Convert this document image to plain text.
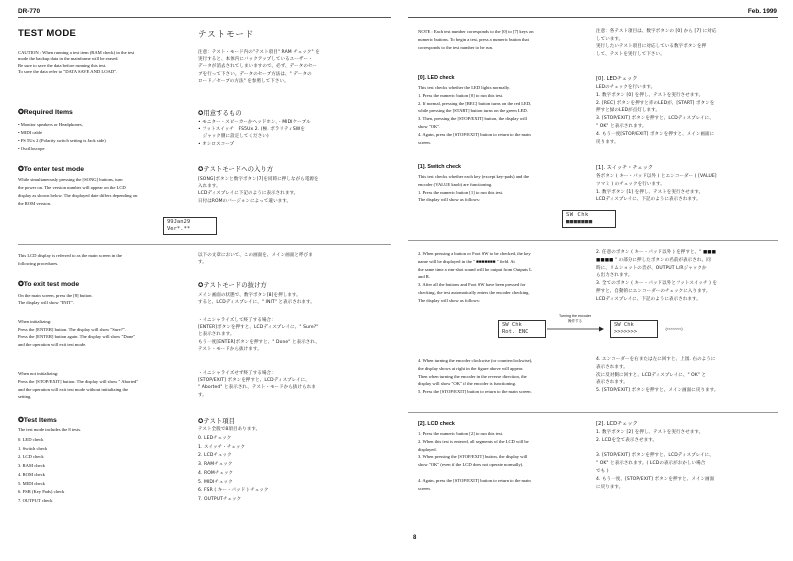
DR-770	Feb. 1999
TEST MODE	テストモード
CAUTION : When running a test item (RAM check) in the test
mode the backup data in the mainframe will be erased.
Be sure to save the data before running this test.
To save the data refer to "DATA SAVE AND LOAD".
注意：テスト・モード内の"テスト項目" RAM チェック" を
実行すると、本体内にバックアップしているユーザー・
データが消去されてしまいますので、必ず、データのセー
ブを行って下さい。データのセーブ方法は、" データの
ロード／セーブの方法" を参照して下さい。
✪Required Items	✪用意するもの
• Monitor speakers or Headphones,
• MIDI cable
• FS 5Ux 2 (Polarity switch setting is Jack side)
• Oscilloscope
• モニター・スピーカーかヘッドホン、・MIDIケーブル
• フットスイッチ　FS5Ux 2. (極. ポラリティSWを
　ジャック側に設定してください)
• オシロスコープ
✪To enter test mode	✪テストモードへの入り方
While simultaneously pressing the [SONG] buttons, turn
the power on. The version number will appear on the LCD
display as shown below. The displayed date differs depending on
the ROM version.
[SONG]ボタンと数字ボタン[7]を同時に押しながら電源を
入れます。
LCDディスプレイに下記のように表示されます。
日付はROMのバージョンによって違います。
99Jan29
Ver*.**
This LCD display is referred to as the main screen in the
following procedures.
以下の文章において、この画面を、メイン画面と呼びま
す。
✪To exit test mode	✪テストモードの抜け方
On the main screen, press the [8] button.
The display will show "INIT".
メイン画面の状態で、数字ボタン[8]を押します。
すると、LCDディスプレイに、" INIT" と表示されます。
When initializing:
Press the [ENTER] button. The display will show "Sure?".
Press the [ENTER] button again. The display will show "Done"
and the operation will exit test mode.
・イニシャライズして終了する場合：
[ENTER]ボタンを押すと、LCDディスプレイに、" Sure?"
と表示されます。
もう一度[ENTER]ボタンを押すと、" Done" と表示され、
テスト・モードから抜けます。
When not initializing:
Press the [STOP/EXIT] button. The display will show " Aborted"
and the operation will exit test mode without initializing the
setting.
・イニシャライズせず終了する場合：
[STOP/EXIT] ボタンを押すと、LCDディスプレイに、
" Aborted" と表示され、テスト・モードから抜けられま
す。
✪Test Items	✪テスト項目
The test mode includes the 8 tests.	テスト全般で8項目あります。
0. LED check
1. Switch check
2. LCD check
3. RAM check
4. ROM check
5. MIDI check
6. FSR (Key Pads) check
7. OUTPUT check
0. LEDチェック
1. スイッチ・チェック
2. LCDチェック
3. RAMチェック
4. ROMチェック
5. MIDIチェック
6. FSR ( キー・パッド ) チェック
7. OUTPUTチェック
NOTE : Each test number corresponds to the [0] to [7] keys on
numeric buttons. To begin a test, press a numeric button that
corresponds to the test number to be run.
注意：各テスト項目は、数字ボタンの [0] から [7] に対応
しています。
実行したいテスト項目に対応している数字ボタンを押
して、テストを実行して下さい。
[0]. LED check	[0]. LEDチェック
This test checks whether the LED lights normally.
1. Press the numeric button [0] to run this test.
2. If normal, pressing the [REC] button turns on the red LED,
while pressing the [START] button turns on the green LED.
3. Then, pressing the [STOP/EXIT] button, the display will
show "OK".
4. Again, press the [STOP/EXIT] button to return to the main
screen.
LEDのチェックを行います。
1. 数字ボタン [0] を押し、テストを実行させます。
2. [REC] ボタンを押すと赤のLEDが、[START] ボタンを
押すと緑のLEDが点灯します。
3. [STOP/EXIT] ボタンを押すと、LCDディスプレイに、
" OK" と表示されます。
4. もう一度[STOP/EXIT] ボタンを押すと、メイン画面に
戻ります。
[1]. Switch check	[1]. スイッチ・チェック
This test checks whether each key (except key-pads) and the
encoder (VALUE knob) are functioning.
1. Press the numeric button [1] to run this test.
The display will show as follows:
各ボタン ( キー・パッド以外 ) とエンコーダー ( [VALUE]
ツマミ ) のチェックを行います。
1. 数字ボタン [1] を押し、テストを実行させます。
LCDディスプレイに、下記のように表示されます。
SW Chk
■■■■■■■
2. When pressing a button or Foot SW to be checked, the key
name will be displayed in the " ■■■■■■■ " field. At
the same time a rim-shot sound will be output from Outputs L
and R.
3. After all the buttons and Foot SW have been pressed for
checking, the test automatically enters the encoder checking.
The display will show as follows:
2. 任意のボタン ( キー・パッド以外 ) を押すと、" ■■■
■■■■ " の部分に押したボタンの名前が表示され、同
時に、リムショットの音が、OUTPUT L/Rジャックか
ら出力されます。
3. 全てのボタン ( キー・パッド以外とフットスイッチ ) を
押すと、自動的にエンコーダーのチェックに入ります。
LCDディスプレイに、下記のように表示されます。
SW Chk
Rot. ENC
Turning the encoder
操作する
SW Chk
>>>>>>>	(<<<<<<<)
4. When turning the encoder clockwise (or counterclockwise),
the display shows at right in the figure above will appear.
Then when turning the encoder in the reverse direction, the
display will show "OK" if the encoder is functioning.
5. Press the [STOP/EXIT] button to return to the main screen.
4. エンコーダーを右または左に回すと、上図. 右のように
表示されます。
次に反対側に回すと、LCDディスプレイに、" OK" と
表示されます。
5. [STOP/EXIT] ボタンを押すと、メイン画面に戻ります。
[2]. LCD check	[2]. LCDチェック
1. Press the numeric button [2] to run this test.
2. When this test is entered, all segments of the LCD will be
displayed.
3. When pressing the [STOP/EXIT] button, the display will
show "OK" (even if the LCD does not operate normally).

4. Again, press the [STOP/EXIT] button to return to the main
screen.
1. 数字ボタン [2] を押し、テストを実行させます。
2. LCDを全て表示させます。

3. [STOP/EXIT] ボタンを押すと、LCDディスプレイに、
" OK" と表示されます。( LCDの表示がおかしい場合
でも )
4. もう一度、[STOP/EXIT] ボタンを押すと、メイン画面
に戻ります。
8
